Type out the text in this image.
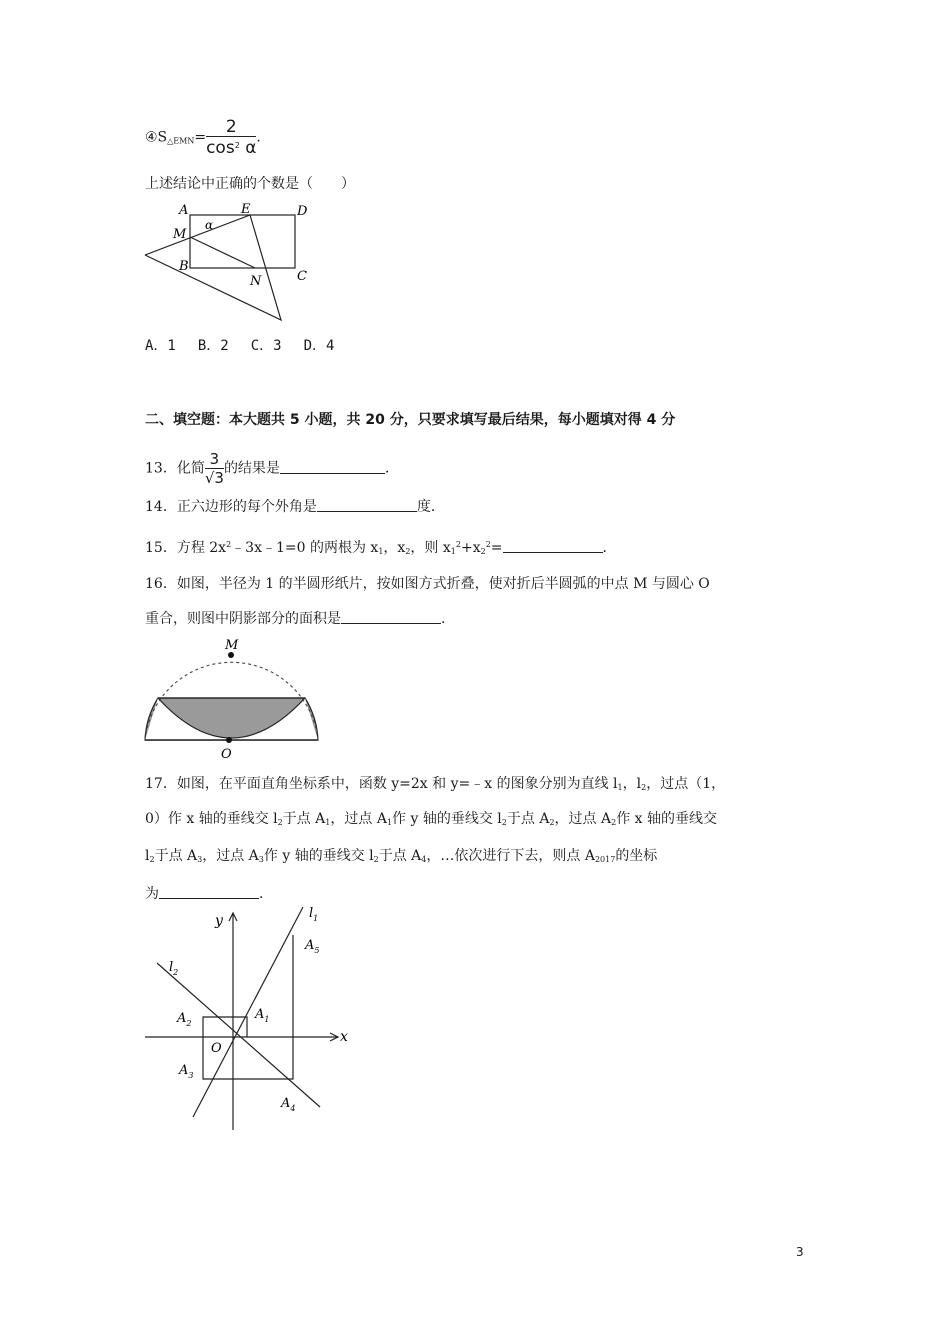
$④S_{\triangle EMN}= \frac{2}{\cos^2 \alpha}$ .
上述结论中正确的个数是（　　）
A	E	D
M
α
B
N	C
A．1 B．2 C．3 D．4
二、填空题：本大题共 5 小题，共 20 分，只要求填写最后结果，每小题填对得 4 分
13．化简 $\frac{3}{√3}$ 的结果是	．
14．正六边形的每个外角是	度．
15．方程 $2x^2﹣3x﹣1=0$ 的两根为 $x_1$，$x_2$，则 $x_1^2+x_2^2=$	．
16．如图，半径为 1 的半圆形纸片，按如图方式折叠，使对折后半圆弧的中点 M 与圆心 O
重合，则图中阴影部分的面积是	．
M
O
17．如图，在平面直角坐标系中，函数 y=2x 和 y=﹣x 的图象分别为直线 $l_1$，$l_2$，过点（1，
0）作 x 轴的垂线交 $l_2$于点 $A_1$，过点 $A_1$作 y 轴的垂线交 $l_2$于点 $A_2$，过点 $A_2$作 x 轴的垂线交
$l_2$于点 $A_3$，过点 $A_3$作 y 轴的垂线交 $l_2$于点 $A_4$，…依次进行下去，则点 $A_{2017}$的坐标
为	．
y
x
$l_1$
$l_2$
$A_1$
$A_2$
$A_3$
$A_4$
$A_5$
O
3
